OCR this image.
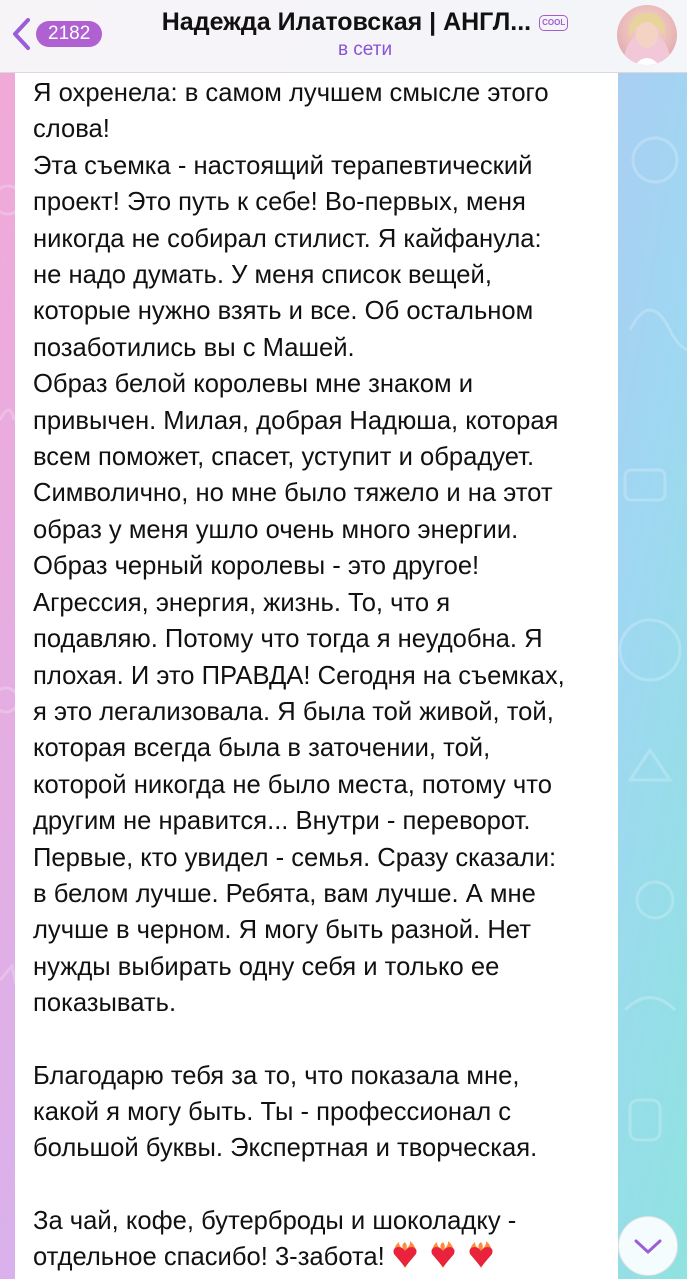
2182	Надежда Илатовская | АНГЛ...	COOL
в сети

Я охренела: в самом лучшем смысле этого
слова!
Эта съемка - настоящий терапевтический
проект! Это путь к себе! Во-первых, меня
никогда не собирал стилист. Я кайфанула:
не надо думать. У меня список вещей,
которые нужно взять и все. Об остальном
позаботились вы с Машей.
Образ белой королевы мне знаком и
привычен. Милая, добрая Надюша, которая
всем поможет, спасет, уступит и обрадует.
Символично, но мне было тяжело и на этот
образ у меня ушло очень много энергии.
Образ черный королевы - это другое!
Агрессия, энергия, жизнь. То, что я
подавляю. Потому что тогда я неудобна. Я
плохая. И это ПРАВДА! Сегодня на съемках,
я это легализовала. Я была той живой, той,
которая всегда была в заточении, той,
которой никогда не было места, потому что
другим не нравится... Внутри - переворот.
Первые, кто увидел - семья. Сразу сказали:
в белом лучше. Ребята, вам лучше. А мне
лучше в черном. Я могу быть разной. Нет
нужды выбирать одну себя и только ее
показывать.

Благодарю тебя за то, что показала мне,
какой я могу быть. Ты - профессионал с
большой буквы. Экспертная и творческая.

За чай, кофе, бутерброды и шоколадку -
отдельное спасибо! 3-забота!
